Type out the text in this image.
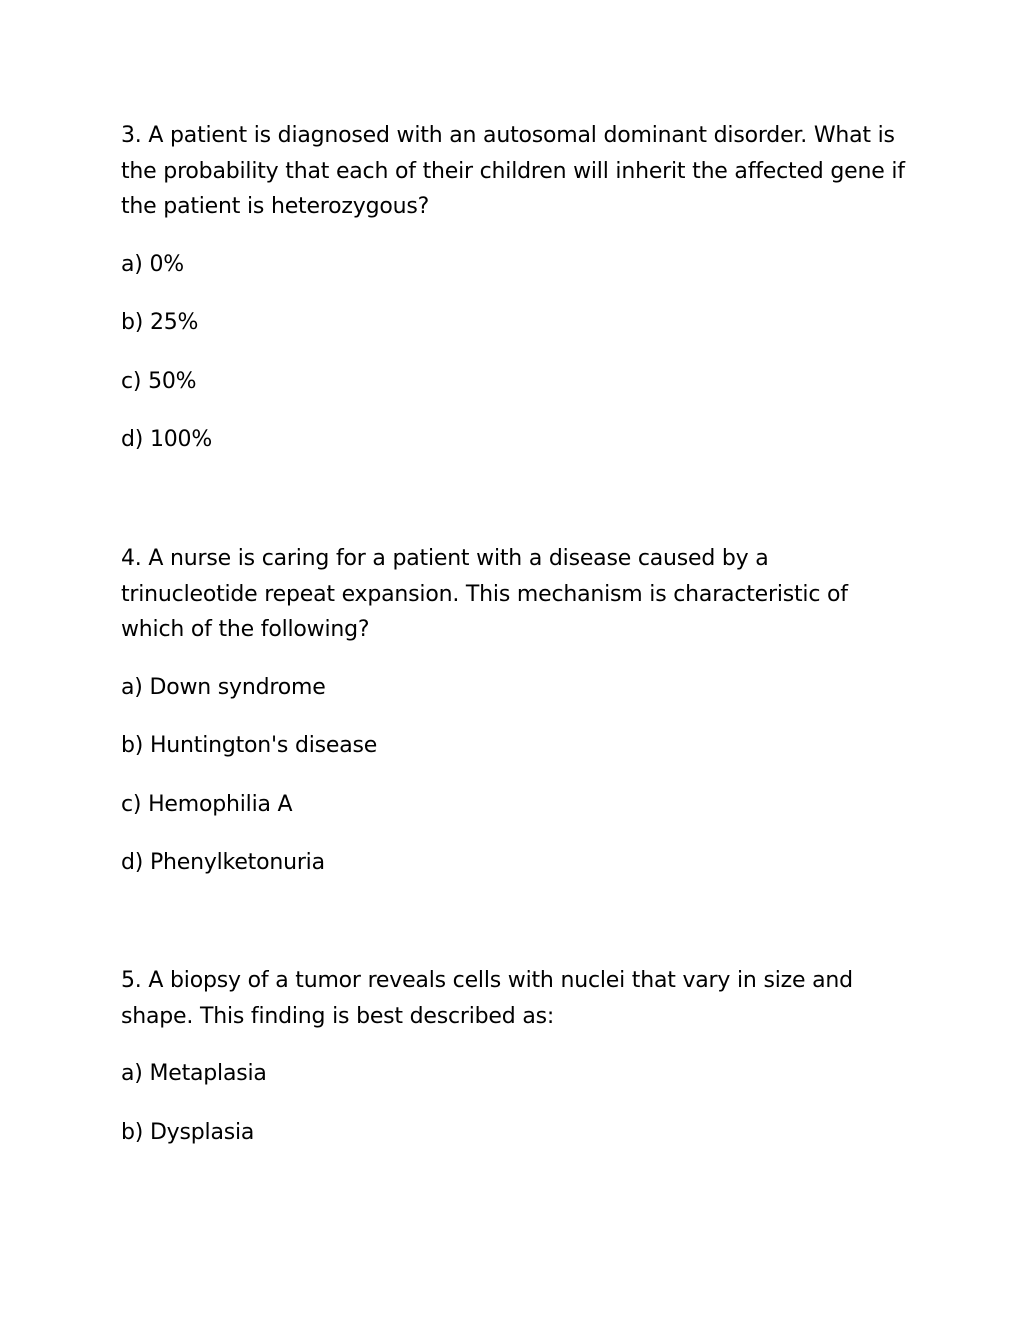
3. A patient is diagnosed with an autosomal dominant disorder. What is the probability that each of their children will inherit the affected gene if the patient is heterozygous?

a) 0%

b) 25%

c) 50%

d) 100%

4. A nurse is caring for a patient with a disease caused by a trinucleotide repeat expansion. This mechanism is characteristic of which of the following?

a) Down syndrome

b) Huntington's disease

c) Hemophilia A

d) Phenylketonuria

5. A biopsy of a tumor reveals cells with nuclei that vary in size and shape. This finding is best described as:

a) Metaplasia

b) Dysplasia
